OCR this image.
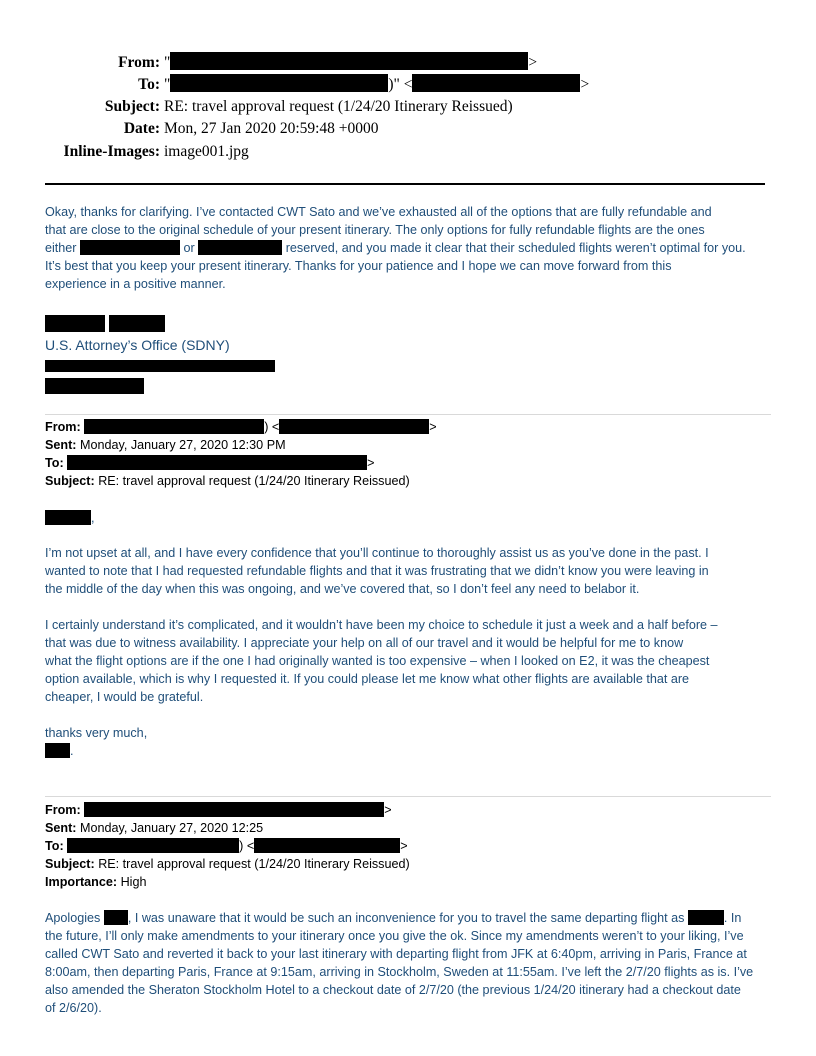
From: "	>
To: "	)" <	>
Subject: RE: travel approval request (1/24/20 Itinerary Reissued)
Date: Mon, 27 Jan 2020 20:59:48 +0000
Inline-Images: image001.jpg
Okay, thanks for clarifying. I’ve contacted CWT Sato and we’ve exhausted all of the options that are fully refundable and
that are close to the original schedule of your present itinerary. The only options for fully refundable flights are the ones
either	or	reserved, and you made it clear that their scheduled flights weren’t optimal for you.
It’s best that you keep your present itinerary. Thanks for your patience and I hope we can move forward from this
experience in a positive manner.
U.S. Attorney’s Office (SDNY)
From:	) <	>
Sent: Monday, January 27, 2020 12:30 PM
To:	>
Subject: RE: travel approval request (1/24/20 Itinerary Reissued)
,
I’m not upset at all, and I have every confidence that you’ll continue to thoroughly assist us as you’ve done in the past. I
wanted to note that I had requested refundable flights and that it was frustrating that we didn’t know you were leaving in
the middle of the day when this was ongoing, and we’ve covered that, so I don’t feel any need to belabor it.
I certainly understand it’s complicated, and it wouldn’t have been my choice to schedule it just a week and a half before –
that was due to witness availability. I appreciate your help on all of our travel and it would be helpful for me to know
what the flight options are if the one I had originally wanted is too expensive – when I looked on E2, it was the cheapest
option available, which is why I requested it. If you could please let me know what other flights are available that are
cheaper, I would be grateful.
thanks very much,
.
From:	>
Sent: Monday, January 27, 2020 12:25
To:	) <	>
Subject: RE: travel approval request (1/24/20 Itinerary Reissued)
Importance: High
Apologies , I was unaware that it would be such an inconvenience for you to travel the same departing flight as	. In
the future, I’ll only make amendments to your itinerary once you give the ok. Since my amendments weren’t to your liking, I’ve
called CWT Sato and reverted it back to your last itinerary with departing flight from JFK at 6:40pm, arriving in Paris, France at
8:00am, then departing Paris, France at 9:15am, arriving in Stockholm, Sweden at 11:55am. I’ve left the 2/7/20 flights as is. I’ve
also amended the Sheraton Stockholm Hotel to a checkout date of 2/7/20 (the previous 1/24/20 itinerary had a checkout date
of 2/6/20).
